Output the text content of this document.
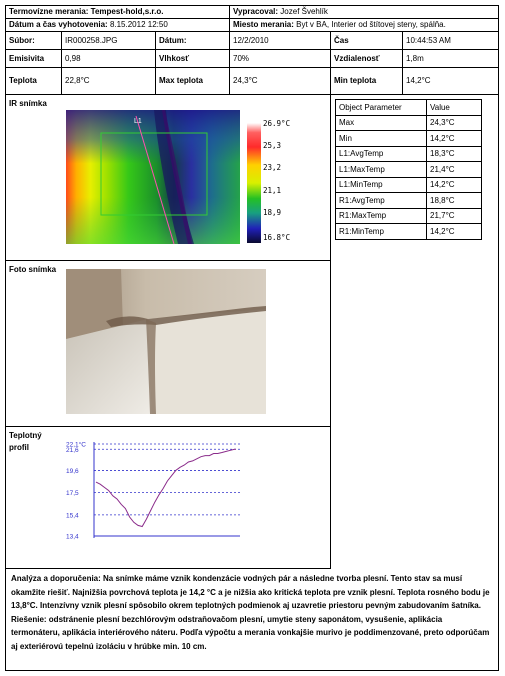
Termovízne merania: Tempest-hold,s.r.o.	Vypracoval: Jozef Švehlík
Dátum a čas vyhotovenia: 8.15.2012 12:50	Miesto merania: Byt v BA, Interier od štítovej steny, spálňa.
Súbor:	IR000258.JPG	Dátum:	12/2/2010	Čas	10:44:53 AM
Emisivita	0,98	Vlhkosť	70%	Vzdialenosť	1,8m
Teplota	22,8°C	Max teplota	24,3°C	Min teplota	14,2°C
IR snímka
L1	26.9°C
25,3
23,2
21,1
18,9
16.8°C
Object Parameter	Value
Max	24,3°C
Min	14,2°C
L1:AvgTemp	18,3°C
L1:MaxTemp	21,4°C
L1:MinTemp	14,2°C
R1:AvgTemp	18,8°C
R1:MaxTemp	21,7°C
R1:MinTemp	14,2°C
Foto snímka
Teplotný profil	22,1°C
21,6
19,6
17,5
15,4
13,4
Analýza a doporučenia: Na snímke máme vznik kondenzácie vodných pár a následne tvorba plesní. Tento stav sa musí okamžite riešiť. Najnižšia povrchová teplota je 14,2 °C a je nižšia ako kritická teplota pre vznik plesní. Teplota rosného bodu je 13,8°C. Intenzívny vznik plesní spôsobilo okrem teplotných podmienok aj uzavretie priestoru pevným zabudovaním šatníka. Riešenie: odstránenie plesní bezchlórovým odstraňovačom plesní, umytie steny saponátom, vysušenie, aplikácia termonáteru, aplikácia interiérového náteru. Podľa výpočtu a merania vonkajšie murivo je poddimenzované, preto odporúčam aj exteriérovú tepelnú izoláciu v hrúbke min. 10 cm.
